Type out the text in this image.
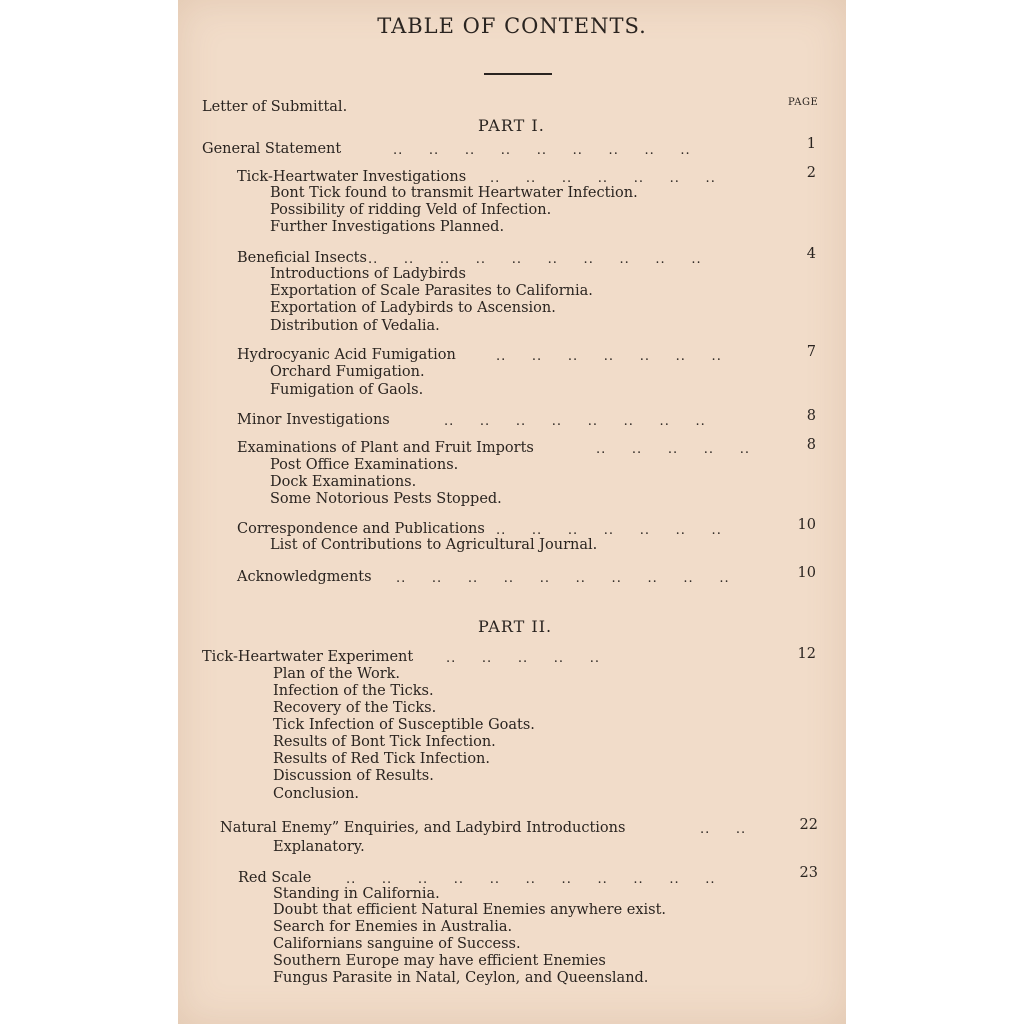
TABLE OF CONTENTS.
Letter of Submittal.	PAGE
PART I.
General Statement	1
Tick-Heartwater Investigations	2
Bont Tick found to transmit Heartwater Infection.
Possibility of ridding Veld of Infection.
Further Investigations Planned.
Beneficial Insects	4
Introductions of Ladybirds
Exportation of Scale Parasites to California.
Exportation of Ladybirds to Ascension.
Distribution of Vedalia.
Hydrocyanic Acid Fumigation	7
Orchard Fumigation.
Fumigation of Gaols.
Minor Investigations	8
Examinations of Plant and Fruit Imports	8
Post Office Examinations.
Dock Examinations.
Some Notorious Pests Stopped.
Correspondence and Publications	10
List of Contributions to Agricultural Journal.
Acknowledgments	10
PART II.
Tick-Heartwater Experiment	12
Plan of the Work.
Infection of the Ticks.
Recovery of the Ticks.
Tick Infection of Susceptible Goats.
Results of Bont Tick Infection.
Results of Red Tick Infection.
Discussion of Results.
Conclusion.
Natural Enemy” Enquiries, and Ladybird Introductions	22
Explanatory.
Red Scale	23
Standing in California.
Doubt that efficient Natural Enemies anywhere exist.
Search for Enemies in Australia.
Californians sanguine of Success.
Southern Europe may have efficient Enemies
Fungus Parasite in Natal, Ceylon, and Queensland.
..     ..     ..     ..     ..     ..     ..     ..     ..
..     ..     ..     ..     ..     ..     ..
..     ..     ..     ..     ..     ..     ..     ..     ..     ..
..     ..     ..     ..     ..     ..     ..
..     ..     ..     ..     ..     ..     ..     ..
..     ..     ..     ..     ..
..     ..     ..     ..     ..     ..     ..
..     ..     ..     ..     ..     ..     ..     ..     ..     ..
..     ..     ..     ..     ..
..     ..
..     ..     ..     ..     ..     ..     ..     ..     ..     ..     ..
